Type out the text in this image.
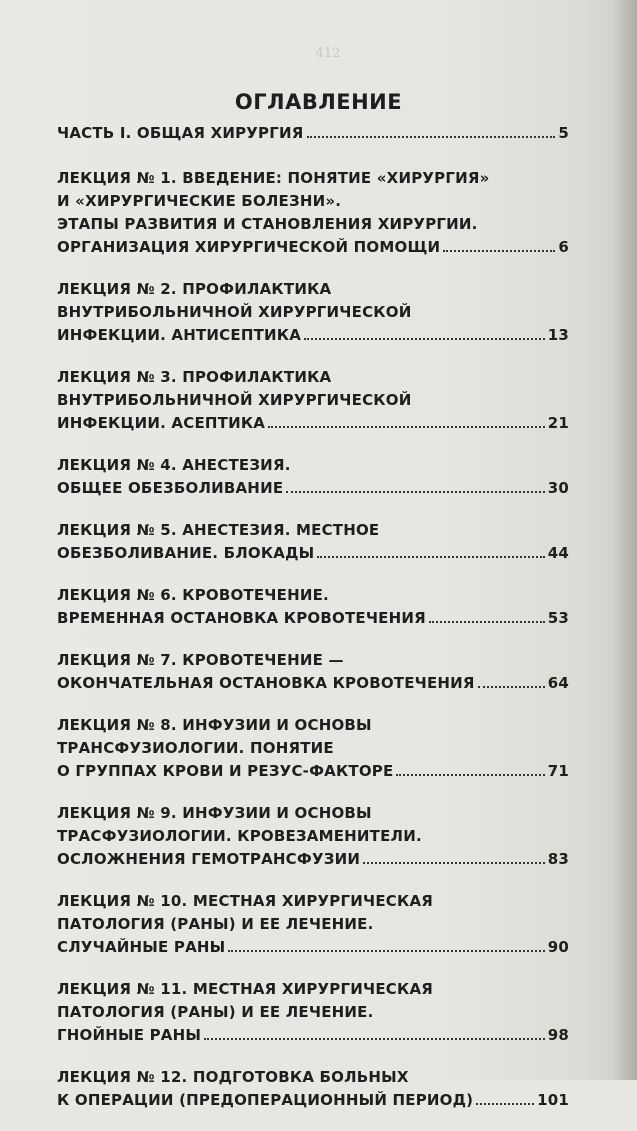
412
ОГЛАВЛЕНИЕ
ЧАСТЬ I. ОБЩАЯ ХИРУРГИЯ	5
ЛЕКЦИЯ № 1. ВВЕДЕНИЕ: ПОНЯТИЕ «ХИРУРГИЯ»
И «ХИРУРГИЧЕСКИЕ БОЛЕЗНИ».
ЭТАПЫ РАЗВИТИЯ И СТАНОВЛЕНИЯ ХИРУРГИИ.
ОРГАНИЗАЦИЯ ХИРУРГИЧЕСКОЙ ПОМОЩИ	6
ЛЕКЦИЯ № 2. ПРОФИЛАКТИКА
ВНУТРИБОЛЬНИЧНОЙ ХИРУРГИЧЕСКОЙ
ИНФЕКЦИИ. АНТИСЕПТИКА	13
ЛЕКЦИЯ № 3. ПРОФИЛАКТИКА
ВНУТРИБОЛЬНИЧНОЙ ХИРУРГИЧЕСКОЙ
ИНФЕКЦИИ. АСЕПТИКА	21
ЛЕКЦИЯ № 4. АНЕСТЕЗИЯ.
ОБЩЕЕ ОБЕЗБОЛИВАНИЕ	30
ЛЕКЦИЯ № 5. АНЕСТЕЗИЯ. МЕСТНОЕ
ОБЕЗБОЛИВАНИЕ. БЛОКАДЫ	44
ЛЕКЦИЯ № 6. КРОВОТЕЧЕНИЕ.
ВРЕМЕННАЯ ОСТАНОВКА КРОВОТЕЧЕНИЯ	53
ЛЕКЦИЯ № 7. КРОВОТЕЧЕНИЕ —
ОКОНЧАТЕЛЬНАЯ ОСТАНОВКА КРОВОТЕЧЕНИЯ	64
ЛЕКЦИЯ № 8. ИНФУЗИИ И ОСНОВЫ
ТРАНСФУЗИОЛОГИИ. ПОНЯТИЕ
О ГРУППАХ КРОВИ И РЕЗУС-ФАКТОРЕ	71
ЛЕКЦИЯ № 9. ИНФУЗИИ И ОСНОВЫ
ТРАСФУЗИОЛОГИИ. КРОВЕЗАМЕНИТЕЛИ.
ОСЛОЖНЕНИЯ ГЕМОТРАНСФУЗИИ	83
ЛЕКЦИЯ № 10. МЕСТНАЯ ХИРУРГИЧЕСКАЯ
ПАТОЛОГИЯ (РАНЫ) И ЕЕ ЛЕЧЕНИЕ.
СЛУЧАЙНЫЕ РАНЫ	90
ЛЕКЦИЯ № 11. МЕСТНАЯ ХИРУРГИЧЕСКАЯ
ПАТОЛОГИЯ (РАНЫ) И ЕЕ ЛЕЧЕНИЕ.
ГНОЙНЫЕ РАНЫ	98
ЛЕКЦИЯ № 12. ПОДГОТОВКА БОЛЬНЫХ
К ОПЕРАЦИИ (ПРЕДОПЕРАЦИОННЫЙ ПЕРИОД)	101
